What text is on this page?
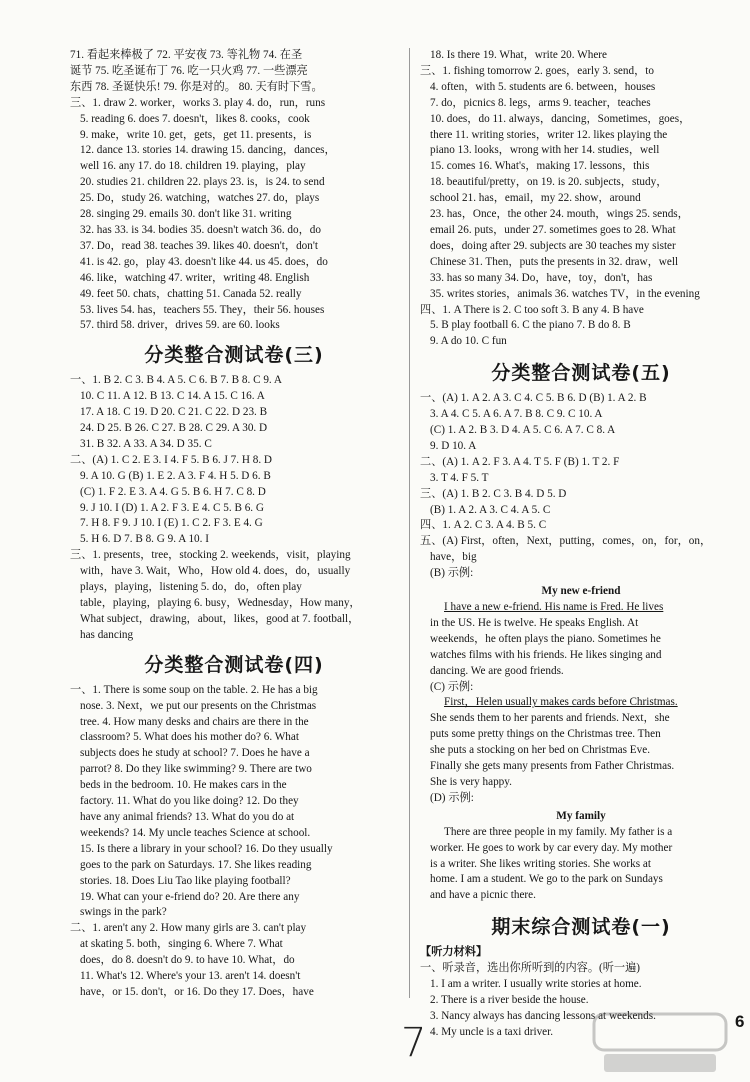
71. 看起来棒极了 72. 平安夜 73. 等礼物 74. 在圣
诞节 75. 吃圣诞布丁 76. 吃一只火鸡 77. 一些漂亮
东西 78. 圣诞快乐! 79. 你是对的。 80. 天有时下雪。
三、1. draw 2. worker，works 3. play 4. do，run，runs
5. reading 6. does 7. doesn't，likes 8. cooks，cook
9. make，write 10. get，gets，get 11. presents，is
12. dance 13. stories 14. drawing 15. dancing，dances，
well 16. any 17. do 18. children 19. playing，play
20. studies 21. children 22. plays 23. is，is 24. to send
25. Do，study 26. watching，watches 27. do，plays
28. singing 29. emails 30. don't like 31. writing
32. has 33. is 34. bodies 35. doesn't watch 36. do，do
37. Do，read 38. teaches 39. likes 40. doesn't，don't
41. is 42. go，play 43. doesn't like 44. us 45. does，do
46. like，watching 47. writer，writing 48. English
49. feet 50. chats，chatting 51. Canada 52. really
53. lives 54. has，teachers 55. They，their 56. houses
57. third 58. driver，drives 59. are 60. looks
分类整合测试卷(三)
一、1. B 2. C 3. B 4. A 5. C 6. B 7. B 8. C 9. A
10. C 11. A 12. B 13. C 14. A 15. C 16. A
17. A 18. C 19. D 20. C 21. C 22. D 23. B
24. D 25. B 26. C 27. B 28. C 29. A 30. D
31. B 32. A 33. A 34. D 35. C
二、(A) 1. C 2. E 3. I 4. F 5. B 6. J 7. H 8. D
9. A 10. G (B) 1. E 2. A 3. F 4. H 5. D 6. B
(C) 1. F 2. E 3. A 4. G 5. B 6. H 7. C 8. D
9. J 10. I (D) 1. A 2. F 3. E 4. C 5. B 6. G
7. H 8. F 9. J 10. I (E) 1. C 2. F 3. E 4. G
5. H 6. D 7. B 8. G 9. A 10. I
三、1. presents，tree，stocking 2. weekends，visit，playing
with，have 3. Wait，Who，How old 4. does，do，usually
plays，playing，listening 5. do，do，often play
table，playing，playing 6. busy，Wednesday，How many，
What subject，drawing，about，likes，good at 7. football，
has dancing
分类整合测试卷(四)
一、1. There is some soup on the table. 2. He has a big
nose. 3. Next，we put our presents on the Christmas
tree. 4. How many desks and chairs are there in the
classroom? 5. What does his mother do? 6. What
subjects does he study at school? 7. Does he have a
parrot? 8. Do they like swimming? 9. There are two
beds in the bedroom. 10. He makes cars in the
factory. 11. What do you like doing? 12. Do they
have any animal friends? 13. What do you do at
weekends? 14. My uncle teaches Science at school.
15. Is there a library in your school? 16. Do they usually
goes to the park on Saturdays. 17. She likes reading
stories. 18. Does Liu Tao like playing football?
19. What can your e-friend do? 20. Are there any
swings in the park?
二、1. aren't any 2. How many girls are 3. can't play
at skating 5. both，singing 6. Where 7. What
does，do 8. doesn't do 9. to have 10. What，do
11. What's 12. Where's your 13. aren't 14. doesn't
have，or 15. don't，or 16. Do they 17. Does，have
18. Is there 19. What，write 20. Where
三、1. fishing tomorrow 2. goes，early 3. send，to
4. often，with 5. students are 6. between，houses
7. do，picnics 8. legs，arms 9. teacher，teaches
10. does，do 11. always，dancing，Sometimes，goes，
there 11. writing stories，writer 12. likes playing the
piano 13. looks，wrong with her 14. studies，well
15. comes 16. What's，making 17. lessons，this
18. beautiful/pretty，on 19. is 20. subjects，study，
school 21. has，email，my 22. show，around
23. has，Once，the other 24. mouth，wings 25. sends，
email 26. puts，under 27. sometimes goes to 28. What
does，doing after 29. subjects are 30 teaches my sister
Chinese 31. Then，puts the presents in 32. draw，well
33. has so many 34. Do，have，toy，don't，has
35. writes stories，animals 36. watches TV，in the evening
四、1. A There is 2. C too soft 3. B any 4. B have
5. B play football 6. C the piano 7. B do 8. B
9. A do 10. C fun
分类整合测试卷(五)
一、(A) 1. A 2. A 3. C 4. C 5. B 6. D (B) 1. A 2. B
3. A 4. C 5. A 6. A 7. B 8. C 9. C 10. A
(C) 1. A 2. B 3. D 4. A 5. C 6. A 7. C 8. A
9. D 10. A
二、(A) 1. A 2. F 3. A 4. T 5. F (B) 1. T 2. F
3. T 4. F 5. T
三、(A) 1. B 2. C 3. B 4. D 5. D
(B) 1. A 2. A 3. C 4. A 5. C
四、1. A 2. C 3. A 4. B 5. C
五、(A) First，often，Next，putting，comes，on，for，on，
have，big
(B) 示例:
My new e-friend
I have a new e-friend. His name is Fred. He lives
in the US. He is twelve. He speaks English. At
weekends，he often plays the piano. Sometimes he
watches films with his friends. He likes singing and
dancing. We are good friends.
(C) 示例:
First，Helen usually makes cards before Christmas.
She sends them to her parents and friends. Next，she
puts some pretty things on the Christmas tree. Then
she puts a stocking on her bed on Christmas Eve.
Finally she gets many presents from Father Christmas.
She is very happy.
(D) 示例:
My family
There are three people in my family. My father is a
worker. He goes to work by car every day. My mother
is a writer. She likes writing stories. She works at
home. I am a student. We go to the park on Sundays
and have a picnic there.
期末综合测试卷(一)
【听力材料】
一、听录音，选出你所听到的内容。(听一遍)
1. I am a writer. I usually write stories at home.
2. There is a river beside the house.
3. Nancy always has dancing lessons at weekends.
4. My uncle is a taxi driver.
7	6
